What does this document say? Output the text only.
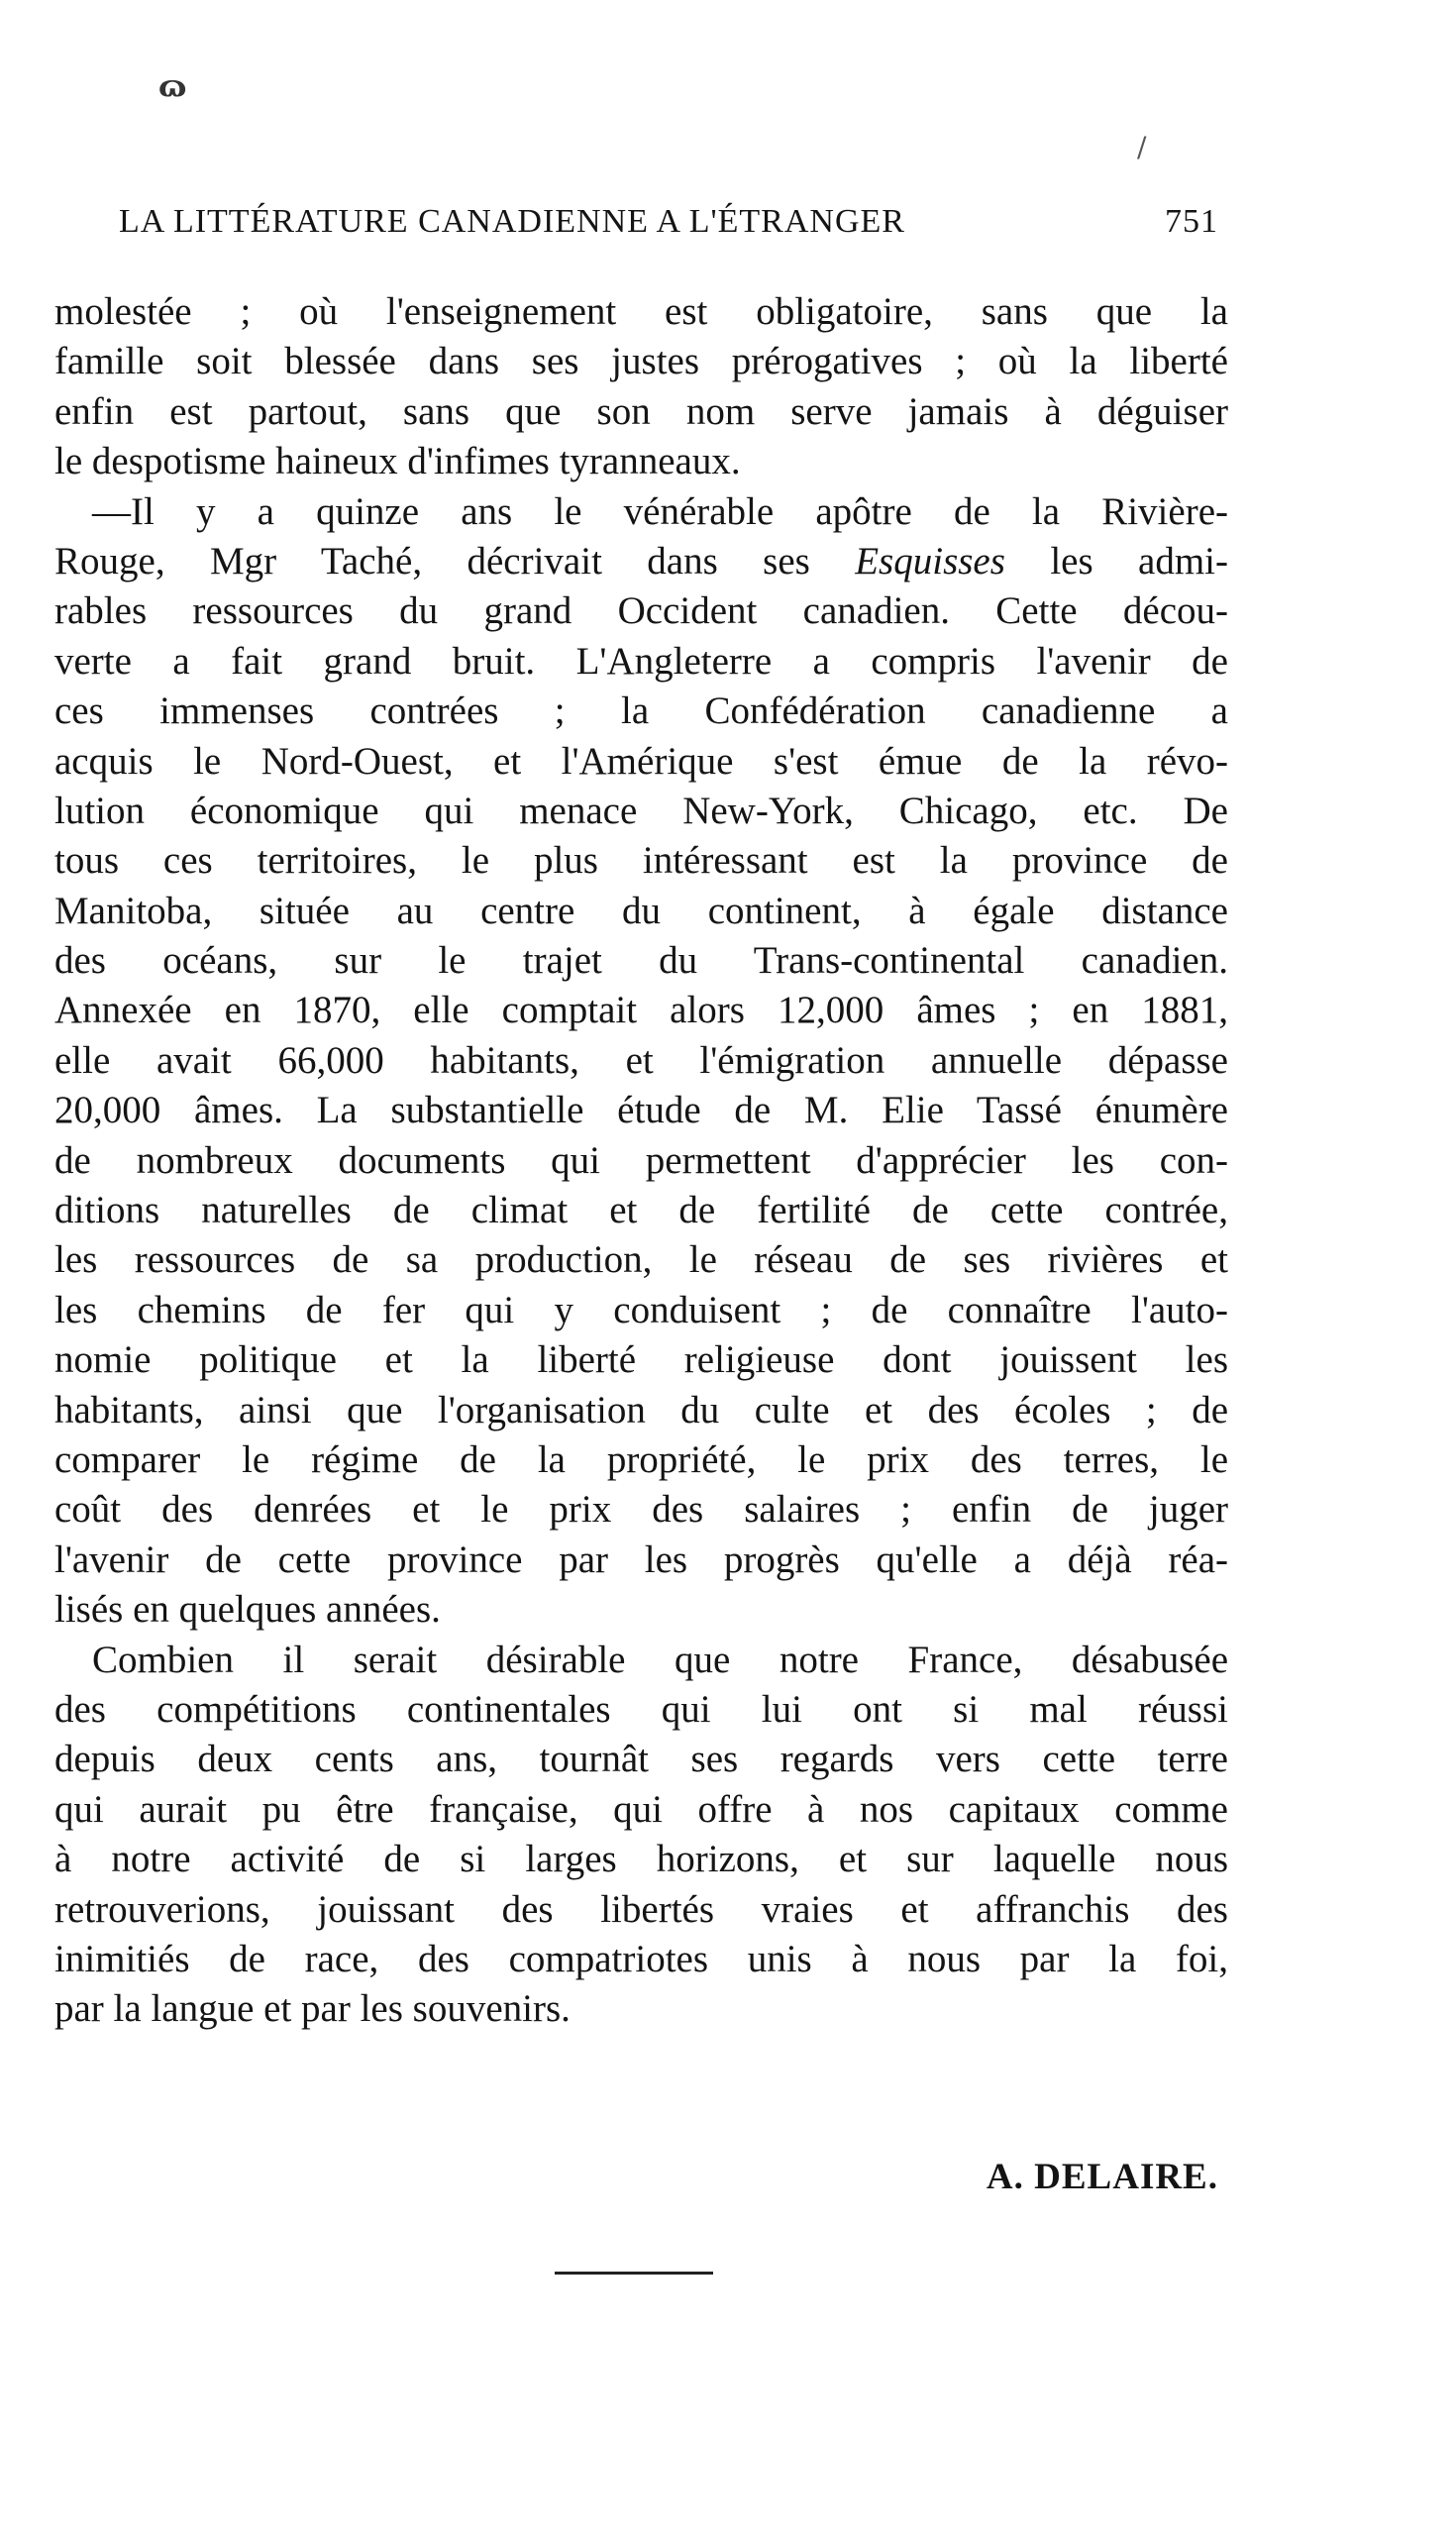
ɷ
/
LA LITTÉRATURE CANADIENNE A L'ÉTRANGER	751
molestée ; où l'enseignement est obligatoire, sans que la
famille soit blessée dans ses justes prérogatives ; où la liberté
enfin est partout, sans que son nom serve jamais à déguiser
le despotisme haineux d'infimes tyranneaux.
—Il y a quinze ans le vénérable apôtre de la Rivière-
Rouge, Mgr Taché, décrivait dans ses Esquisses les admi-
rables ressources du grand Occident canadien. Cette décou-
verte a fait grand bruit. L'Angleterre a compris l'avenir de
ces immenses contrées ; la Confédération canadienne a
acquis le Nord-Ouest, et l'Amérique s'est émue de la révo-
lution économique qui menace New-York, Chicago, etc. De
tous ces territoires, le plus intéressant est la province de
Manitoba, située au centre du continent, à égale distance
des océans, sur le trajet du Trans-continental canadien.
Annexée en 1870, elle comptait alors 12,000 âmes ; en 1881,
elle avait 66,000 habitants, et l'émigration annuelle dépasse
20,000 âmes. La substantielle étude de M. Elie Tassé énumère
de nombreux documents qui permettent d'apprécier les con-
ditions naturelles de climat et de fertilité de cette contrée,
les ressources de sa production, le réseau de ses rivières et
les chemins de fer qui y conduisent ; de connaître l'auto-
nomie politique et la liberté religieuse dont jouissent les
habitants, ainsi que l'organisation du culte et des écoles ; de
comparer le régime de la propriété, le prix des terres, le
coût des denrées et le prix des salaires ; enfin de juger
l'avenir de cette province par les progrès qu'elle a déjà réa-
lisés en quelques années.
Combien il serait désirable que notre France, désabusée
des compétitions continentales qui lui ont si mal réussi
depuis deux cents ans, tournât ses regards vers cette terre
qui aurait pu être française, qui offre à nos capitaux comme
à notre activité de si larges horizons, et sur laquelle nous
retrouverions, jouissant des libertés vraies et affranchis des
inimitiés de race, des compatriotes unis à nous par la foi,
par la langue et par les souvenirs.
A. DELAIRE.
